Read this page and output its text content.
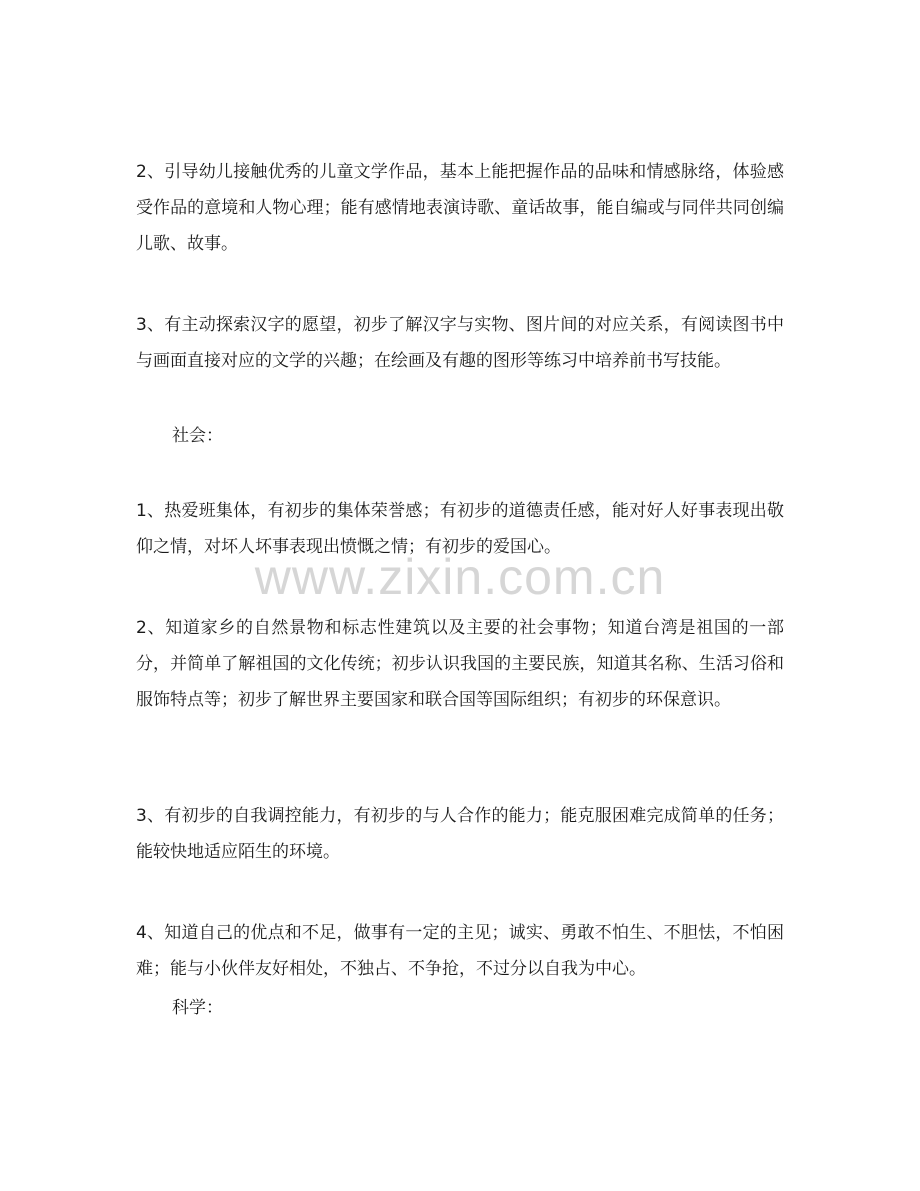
2、引导幼儿接触优秀的儿童文学作品，基本上能把握作品的品味和情感脉络，体验感受作品的意境和人物心理；能有感情地表演诗歌、童话故事，能自编或与同伴共同创编儿歌、故事。

3、有主动探索汉字的愿望，初步了解汉字与实物、图片间的对应关系，有阅读图书中与画面直接对应的文学的兴趣；在绘画及有趣的图形等练习中培养前书写技能。

社会：

1、热爱班集体，有初步的集体荣誉感；有初步的道德责任感，能对好人好事表现出敬仰之情，对坏人坏事表现出愤慨之情；有初步的爱国心。

2、知道家乡的自然景物和标志性建筑以及主要的社会事物；知道台湾是祖国的一部分，并简单了解祖国的文化传统；初步认识我国的主要民族，知道其名称、生活习俗和服饰特点等；初步了解世界主要国家和联合国等国际组织；有初步的环保意识。

3、有初步的自我调控能力，有初步的与人合作的能力；能克服困难完成简单的任务；能较快地适应陌生的环境。

4、知道自己的优点和不足，做事有一定的主见；诚实、勇敢不怕生、不胆怯，不怕困难；能与小伙伴友好相处，不独占、不争抢，不过分以自我为中心。

科学：

www.zixin.com.cn
